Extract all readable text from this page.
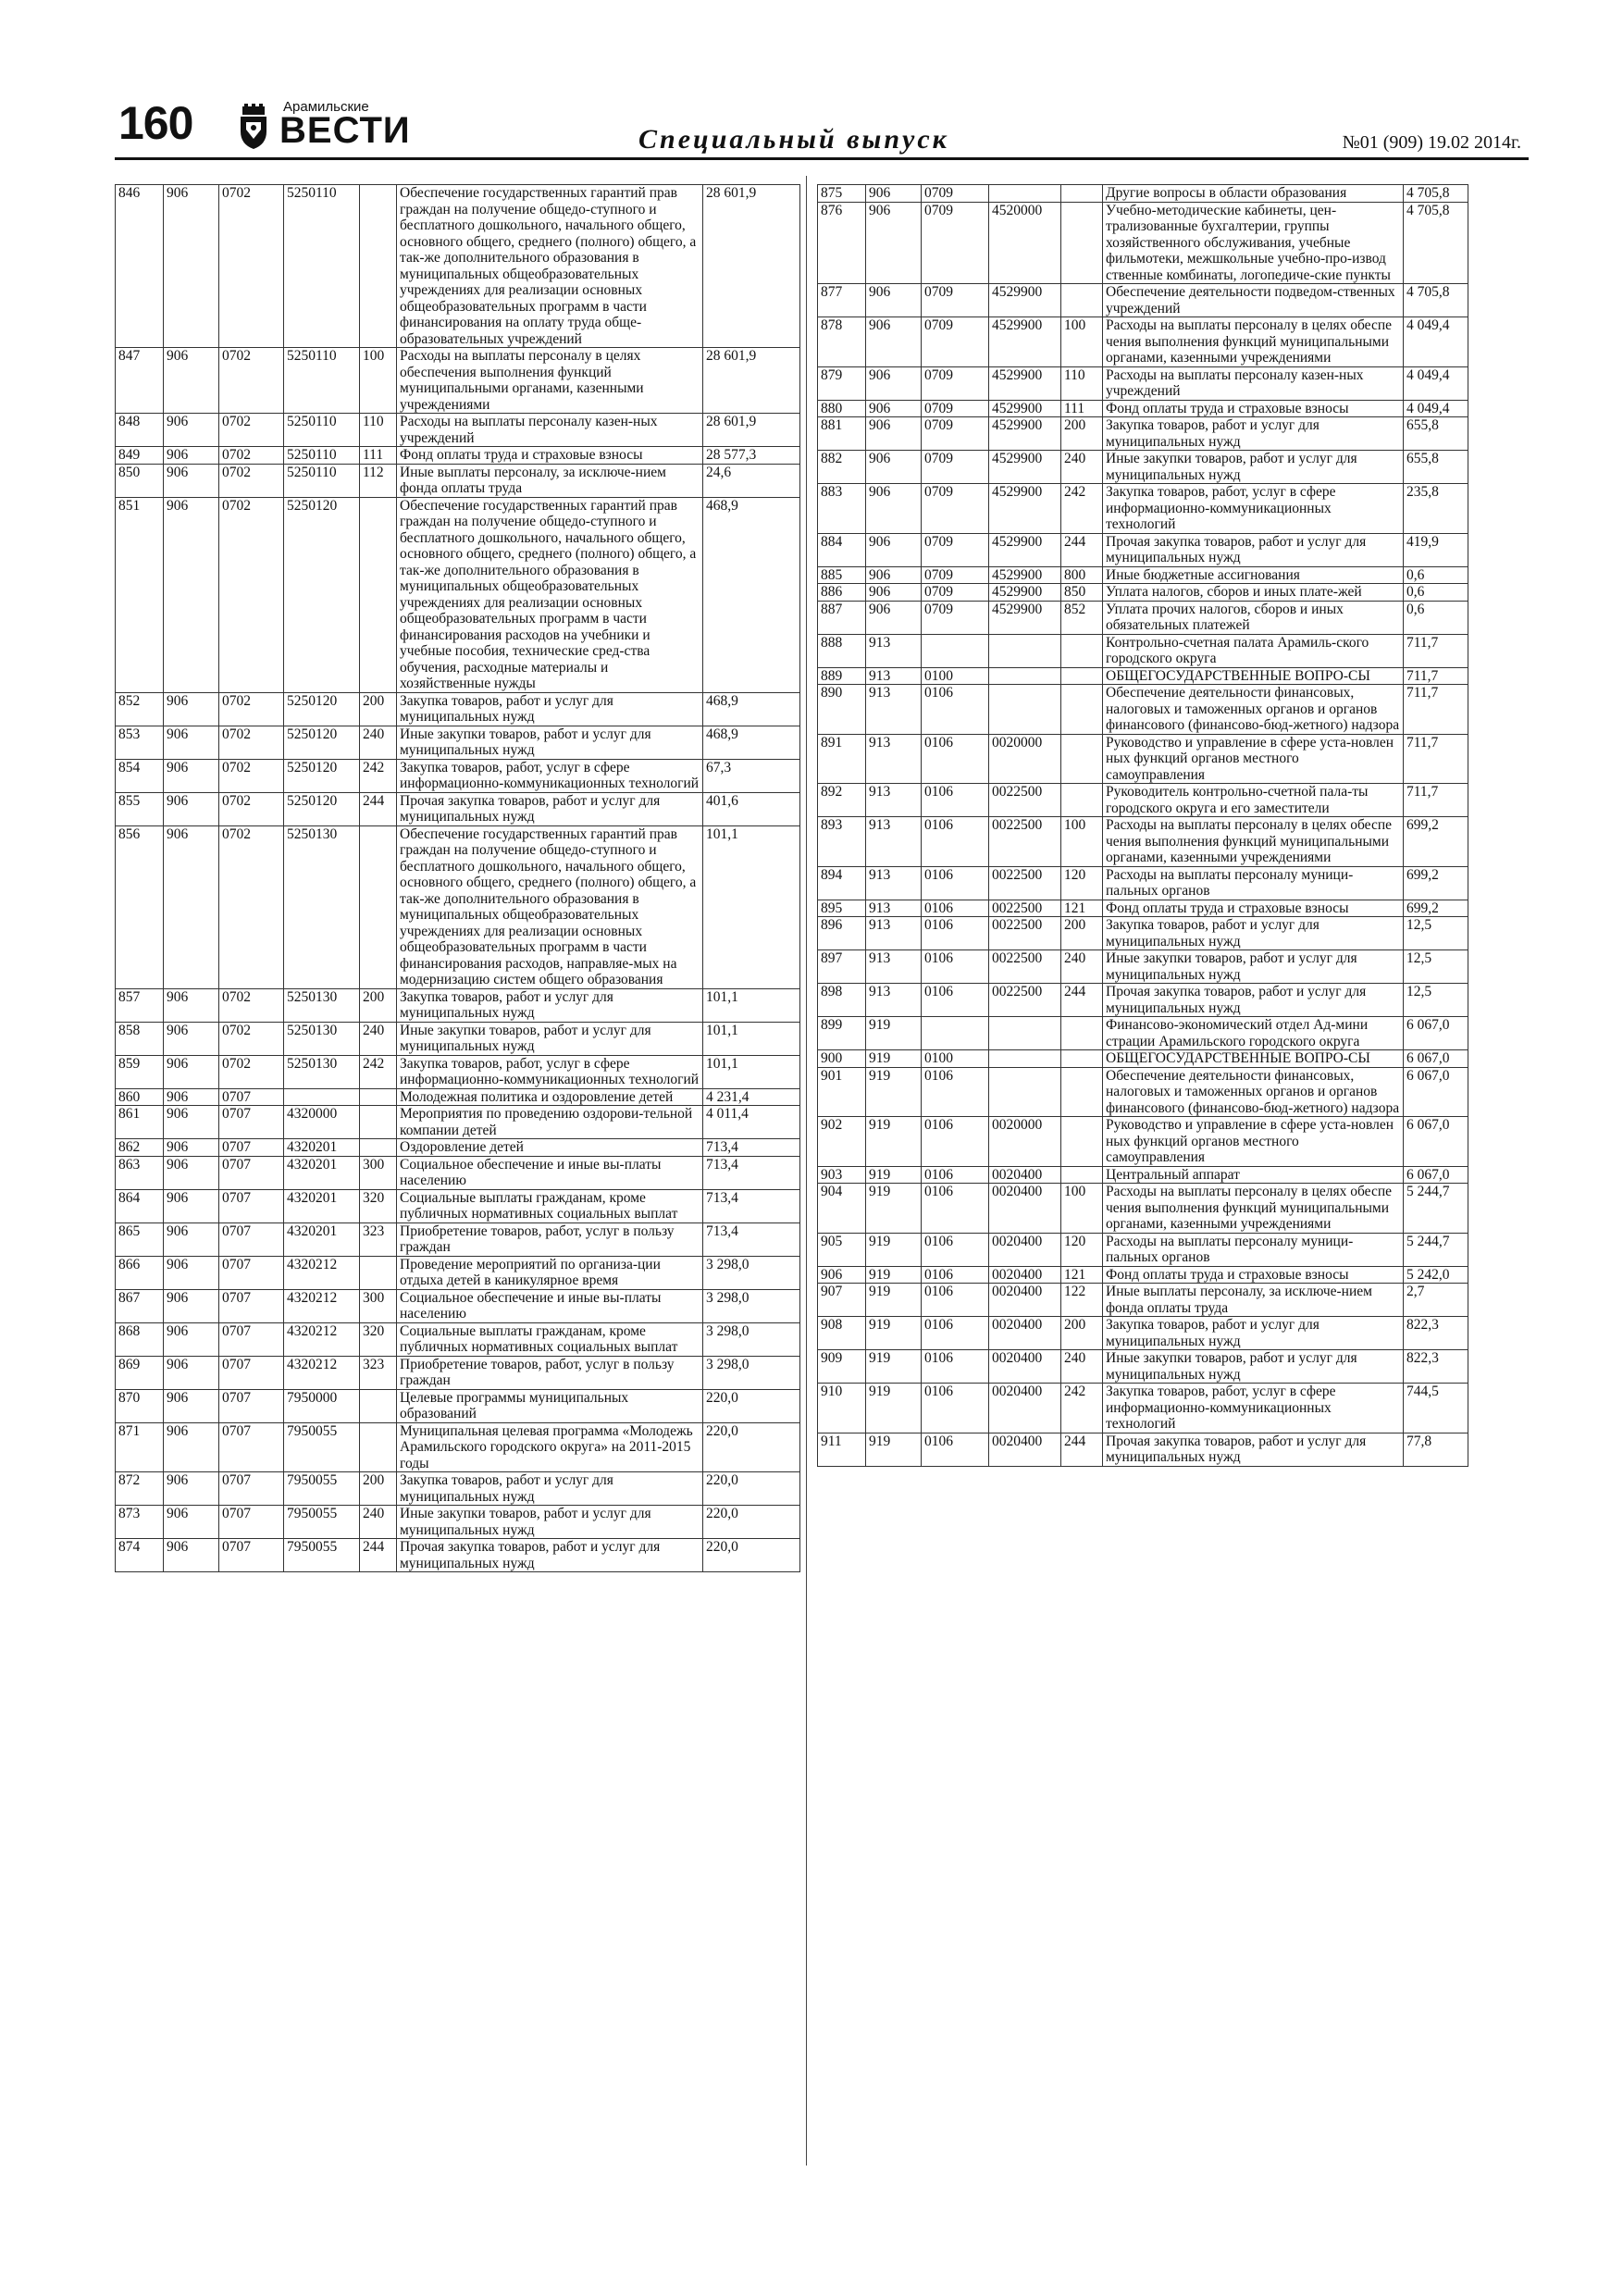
160	Арамильские
ВЕСТИ	Специальный выпуск	№01 (909) 19.02 2014г.
846	906	0702	5250110		Обеспечение государственных гарантий прав граждан на получение общедо-ступного и бесплатного дошкольного, начального общего, основного общего, среднего (полного) общего, а так-же дополнительного образования в муниципальных общеобразовательных учреждениях для реализации основных общеобразовательных программ в части финансирования на оплату труда обще-образовательных учреждений	28 601,9
847	906	0702	5250110	100	Расходы на выплаты персоналу в целях обеспечения выполнения функций муниципальными органами, казенными учреждениями	28 601,9
848	906	0702	5250110	110	Расходы на выплаты персоналу казен-ных учреждений	28 601,9
849	906	0702	5250110	111	Фонд оплаты труда и страховые взносы	28 577,3
850	906	0702	5250110	112	Иные выплаты персоналу, за исключе-нием фонда оплаты труда	24,6
851	906	0702	5250120		Обеспечение государственных гарантий прав граждан на получение общедо-ступного и бесплатного дошкольного, начального общего, основного общего, среднего (полного) общего, а так-же дополнительного образования в муниципальных общеобразовательных учреждениях для реализации основных общеобразовательных программ в части финансирования расходов на учебники и учебные пособия, технические сред-ства обучения, расходные материалы и хозяйственные нужды	468,9
852	906	0702	5250120	200	Закупка товаров, работ и услуг для муниципальных нужд	468,9
853	906	0702	5250120	240	Иные закупки товаров, работ и услуг для муниципальных нужд	468,9
854	906	0702	5250120	242	Закупка товаров, работ, услуг в сфере информационно-коммуникационных технологий	67,3
855	906	0702	5250120	244	Прочая закупка товаров, работ и услуг для муниципальных нужд	401,6
856	906	0702	5250130		Обеспечение государственных гарантий прав граждан на получение общедо-ступного и бесплатного дошкольного, начального общего, основного общего, среднего (полного) общего, а так-же дополнительного образования в муниципальных общеобразовательных учреждениях для реализации основных общеобразовательных программ в части финансирования расходов, направляе-мых на модернизацию систем общего образования	101,1
857	906	0702	5250130	200	Закупка товаров, работ и услуг для муниципальных нужд	101,1
858	906	0702	5250130	240	Иные закупки товаров, работ и услуг для муниципальных нужд	101,1
859	906	0702	5250130	242	Закупка товаров, работ, услуг в сфере информационно-коммуникационных технологий	101,1
860	906	0707			Молодежная политика и оздоровление детей	4 231,4
861	906	0707	4320000		Мероприятия по проведению оздорови-тельной компании детей	4 011,4
862	906	0707	4320201		Оздоровление детей	713,4
863	906	0707	4320201	300	Социальное обеспечение и иные вы-платы населению	713,4
864	906	0707	4320201	320	Социальные выплаты гражданам, кроме публичных нормативных социальных выплат	713,4
865	906	0707	4320201	323	Приобретение товаров, работ, услуг в пользу граждан	713,4
866	906	0707	4320212		Проведение мероприятий по организа-ции отдыха детей в каникулярное время	3 298,0
867	906	0707	4320212	300	Социальное обеспечение и иные вы-платы населению	3 298,0
868	906	0707	4320212	320	Социальные выплаты гражданам, кроме публичных нормативных социальных выплат	3 298,0
869	906	0707	4320212	323	Приобретение товаров, работ, услуг в пользу граждан	3 298,0
870	906	0707	7950000		Целевые программы муниципальных образований	220,0
871	906	0707	7950055		Муниципальная целевая программа «Молодежь Арамильского городского округа» на 2011-2015 годы	220,0
872	906	0707	7950055	200	Закупка товаров, работ и услуг для муниципальных нужд	220,0
873	906	0707	7950055	240	Иные закупки товаров, работ и услуг для муниципальных нужд	220,0
874	906	0707	7950055	244	Прочая закупка товаров, работ и услуг для муниципальных нужд	220,0
875	906	0709			Другие вопросы в области образования	4 705,8
876	906	0709	4520000		Учебно-методические кабинеты, цен-трализованные бухгалтерии, группы хозяйственного обслуживания, учебные фильмотеки, межшкольные учебно-про-извод ственные комбинаты, логопедиче-ские пункты	4 705,8
877	906	0709	4529900		Обеспечение деятельности подведом-ственных учреждений	4 705,8
878	906	0709	4529900	100	Расходы на выплаты персоналу в целях обеспе чения выполнения функций муниципальными органами, казенными учреждениями	4 049,4
879	906	0709	4529900	110	Расходы на выплаты персоналу казен-ных учреждений	4 049,4
880	906	0709	4529900	111	Фонд оплаты труда и страховые взносы	4 049,4
881	906	0709	4529900	200	Закупка товаров, работ и услуг для муниципальных нужд	655,8
882	906	0709	4529900	240	Иные закупки товаров, работ и услуг для муниципальных нужд	655,8
883	906	0709	4529900	242	Закупка товаров, работ, услуг в сфере информационно-коммуникационных технологий	235,8
884	906	0709	4529900	244	Прочая закупка товаров, работ и услуг для муниципальных нужд	419,9
885	906	0709	4529900	800	Иные бюджетные ассигнования	0,6
886	906	0709	4529900	850	Уплата налогов, сборов и иных плате-жей	0,6
887	906	0709	4529900	852	Уплата прочих налогов, сборов и иных обязательных платежей	0,6
888	913				Контрольно-счетная палата Арамиль-ского городского округа	711,7
889	913	0100			ОБЩЕГОСУДАРСТВЕННЫЕ ВОПРО-СЫ	711,7
890	913	0106			Обеспечение деятельности финансовых, налоговых и таможенных органов и органов финансового (финансово-бюд-жетного) надзора	711,7
891	913	0106	0020000		Руководство и управление в сфере уста-новлен ных функций органов местного самоуправления	711,7
892	913	0106	0022500		Руководитель контрольно-счетной пала-ты городского округа и его заместители	711,7
893	913	0106	0022500	100	Расходы на выплаты персоналу в целях обеспе чения выполнения функций муниципальными органами, казенными учреждениями	699,2
894	913	0106	0022500	120	Расходы на выплаты персоналу муници-пальных органов	699,2
895	913	0106	0022500	121	Фонд оплаты труда и страховые взносы	699,2
896	913	0106	0022500	200	Закупка товаров, работ и услуг для муниципальных нужд	12,5
897	913	0106	0022500	240	Иные закупки товаров, работ и услуг для муниципальных нужд	12,5
898	913	0106	0022500	244	Прочая закупка товаров, работ и услуг для муниципальных нужд	12,5
899	919				Финансово-экономический отдел Ад-мини страции Арамильского городского округа	6 067,0
900	919	0100			ОБЩЕГОСУДАРСТВЕННЫЕ ВОПРО-СЫ	6 067,0
901	919	0106			Обеспечение деятельности финансовых, налоговых и таможенных органов и органов финансового (финансово-бюд-жетного) надзора	6 067,0
902	919	0106	0020000		Руководство и управление в сфере уста-новлен ных функций органов местного самоуправления	6 067,0
903	919	0106	0020400		Центральный аппарат	6 067,0
904	919	0106	0020400	100	Расходы на выплаты персоналу в целях обеспе чения выполнения функций муниципальными органами, казенными учреждениями	5 244,7
905	919	0106	0020400	120	Расходы на выплаты персоналу муници-пальных органов	5 244,7
906	919	0106	0020400	121	Фонд оплаты труда и страховые взносы	5 242,0
907	919	0106	0020400	122	Иные выплаты персоналу, за исключе-нием фонда оплаты труда	2,7
908	919	0106	0020400	200	Закупка товаров, работ и услуг для муниципальных нужд	822,3
909	919	0106	0020400	240	Иные закупки товаров, работ и услуг для муниципальных нужд	822,3
910	919	0106	0020400	242	Закупка товаров, работ, услуг в сфере информационно-коммуникационных технологий	744,5
911	919	0106	0020400	244	Прочая закупка товаров, работ и услуг для муниципальных нужд	77,8
